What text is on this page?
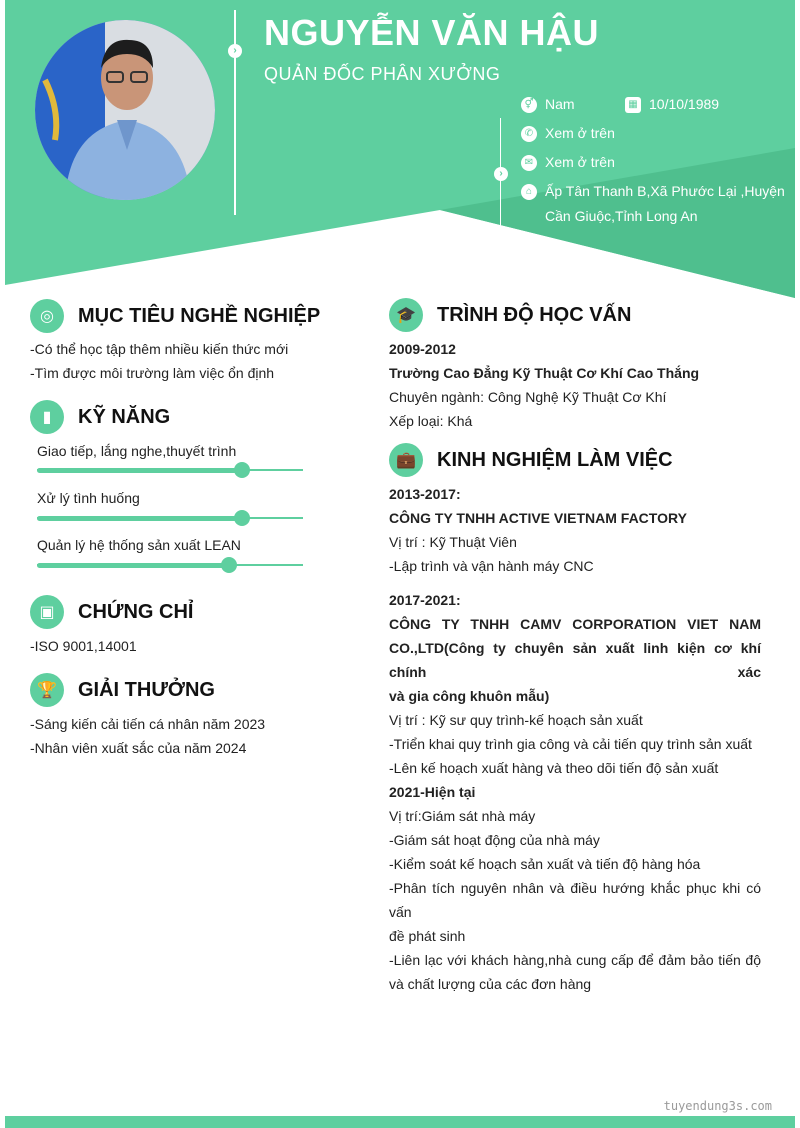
› NGUYỄN VĂN HẬU
QUẢN ĐỐC PHÂN XƯỞNG
›
⚥ Nam	▦ 10/10/1989
✆ Xem ở trên
✉ Xem ở trên
⌂ Ấp Tân Thanh B,Xã Phước Lại ,Huyện
Cần Giuộc,Tỉnh Long An
◎	MỤC TIÊU NGHỀ NGHIỆP
-Có thể học tập thêm nhiều kiến thức mới
-Tìm được môi trường làm việc ổn định
▮	KỸ NĂNG
Giao tiếp, lắng nghe,thuyết trình
Xử lý tình huống
Quản lý hệ thống sản xuất LEAN
▣	CHỨNG CHỈ
-ISO 9001,14001
🏆	GIẢI THƯỞNG
-Sáng kiến cải tiến cá nhân năm 2023
-Nhân viên xuất sắc của năm 2024
🎓	TRÌNH ĐỘ HỌC VẤN
2009-2012
Trường Cao Đẳng Kỹ Thuật Cơ Khí Cao Thắng
Chuyên ngành: Công Nghệ Kỹ Thuật Cơ Khí
Xếp loại: Khá
💼	KINH NGHIỆM LÀM VIỆC
2013-2017:
CÔNG TY TNHH ACTIVE VIETNAM FACTORY
Vị trí : Kỹ Thuật Viên
-Lập trình và vận hành máy CNC
2017-2021:
CÔNG TY TNHH CAMV CORPORATION VIET NAM
CO.,LTD(Công ty chuyên sản xuất linh kiện cơ khí chính xác
và gia công khuôn mẫu)
Vị trí : Kỹ sư quy trình-kế hoạch sản xuất
-Triển khai quy trình gia công và cải tiến quy trình sản xuất
-Lên kế hoạch xuất hàng và theo dõi tiến độ sản xuất
2021-Hiện tại
Vị trí:Giám sát nhà máy
-Giám sát hoạt động của nhà máy
-Kiểm soát kế hoạch sản xuất và tiến độ hàng hóa
-Phân tích nguyên nhân và điều hướng khắc phục khi có vấn
đề phát sinh
-Liên lạc với khách hàng,nhà cung cấp để đảm bảo tiến độ
và chất lượng của các đơn hàng
tuyendung3s.com
